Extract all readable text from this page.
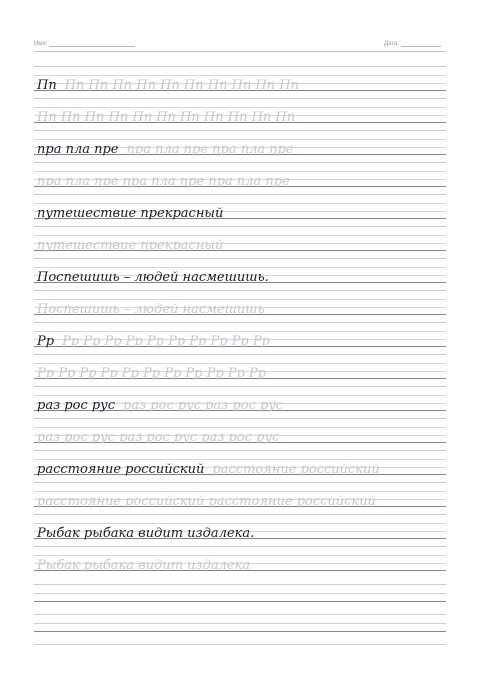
Имя:	Дата:
Пп Пп Пп Пп Пп Пп Пп Пп Пп Пп Пп
Пп Пп Пп Пп Пп Пп Пп Пп Пп Пп Пп
пра пла пре пра пла пре пра пла пре
пра пла пре пра пла пре пра пла пре
путешествие прекрасный
путешествие прекрасный
Поспешишь – людей насмешишь.
Поспешишь – людей насмешишь
Рр Рр Рр Рр Рр Рр Рр Рр Рр Рр Рр
Рр Рр Рр Рр Рр Рр Рр Рр Рр Рр Рр
раз рос рус раз рос рус раз рос рус
раз рос рус раз рос рус раз рос рус
расстояние российский расстояние российский
расстояние российский расстояние российский
Рыбак рыбака видит издалека.
Рыбак рыбака видит издалека
